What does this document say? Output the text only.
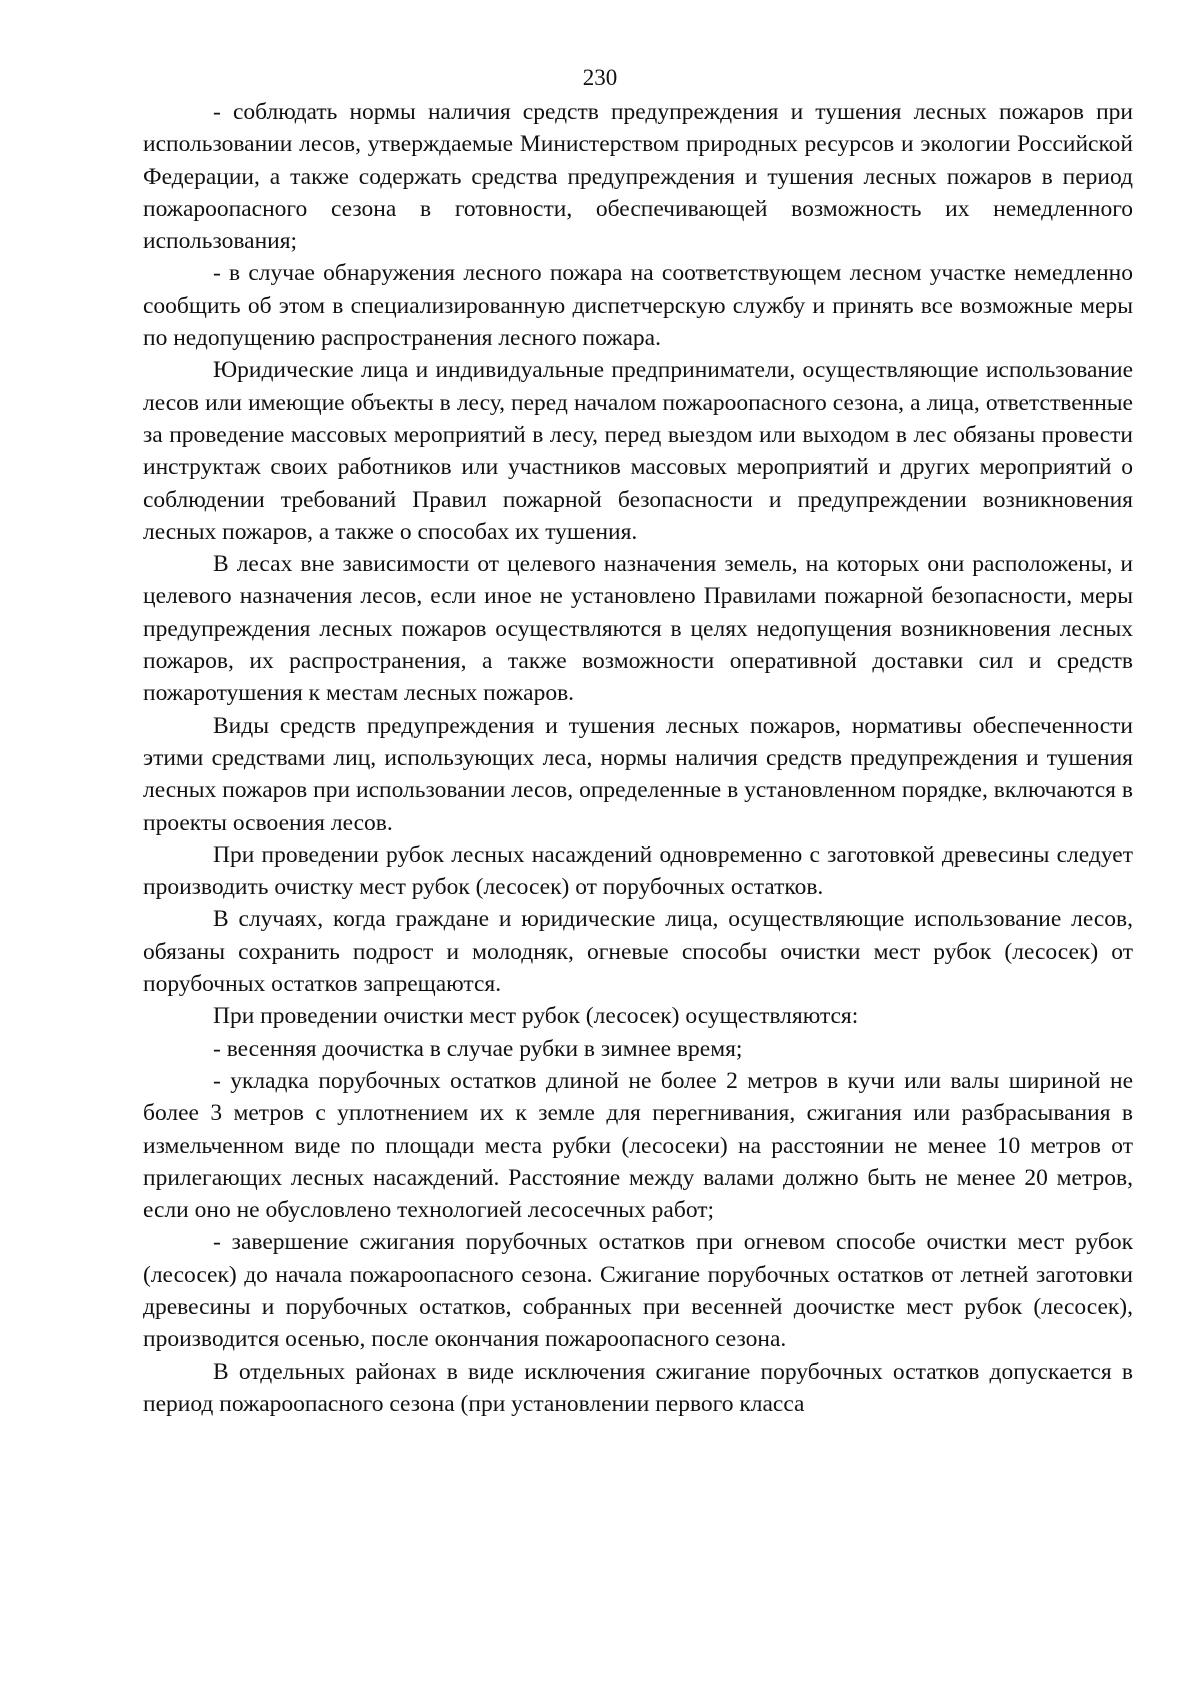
230

- соблюдать нормы наличия средств предупреждения и тушения лесных пожаров при использовании лесов, утверждаемые Министерством природных ресурсов и экологии Российской Федерации, а также содержать средства предупреждения и тушения лесных пожаров в период пожароопасного сезона в готовности, обеспечивающей возможность их немедленного использования;

- в случае обнаружения лесного пожара на соответствующем лесном участке немедленно сообщить об этом в специализированную диспетчерскую службу и принять все возможные меры по недопущению распространения лесного пожара.

Юридические лица и индивидуальные предприниматели, осуществляющие использование лесов или имеющие объекты в лесу, перед началом пожароопасного сезона, а лица, ответственные за проведение массовых мероприятий в лесу, перед выездом или выходом в лес обязаны провести инструктаж своих работников или участников массовых мероприятий и других мероприятий о соблюдении требований Правил пожарной безопасности и предупреждении возникновения лесных пожаров, а также о способах их тушения.

В лесах вне зависимости от целевого назначения земель, на которых они расположены, и целевого назначения лесов, если иное не установлено Правилами пожарной безопасности, меры предупреждения лесных пожаров осуществляются в целях недопущения возникновения лесных пожаров, их распространения, а также возможности оперативной доставки сил и средств пожаротушения к местам лесных пожаров.

Виды средств предупреждения и тушения лесных пожаров, нормативы обеспеченности этими средствами лиц, использующих леса, нормы наличия средств предупреждения и тушения лесных пожаров при использовании лесов, определенные в установленном порядке, включаются в проекты освоения лесов.

При проведении рубок лесных насаждений одновременно с заготовкой древесины следует производить очистку мест рубок (лесосек) от порубочных остатков.

В случаях, когда граждане и юридические лица, осуществляющие использование лесов, обязаны сохранить подрост и молодняк, огневые способы очистки мест рубок (лесосек) от порубочных остатков запрещаются.

При проведении очистки мест рубок (лесосек) осуществляются:

- весенняя доочистка в случае рубки в зимнее время;

- укладка порубочных остатков длиной не более 2 метров в кучи или валы шириной не более 3 метров с уплотнением их к земле для перегнивания, сжигания или разбрасывания в измельченном виде по площади места рубки (лесосеки) на расстоянии не менее 10 метров от прилегающих лесных насаждений. Расстояние между валами должно быть не менее 20 метров, если оно не обусловлено технологией лесосечных работ;

- завершение сжигания порубочных остатков при огневом способе очистки мест рубок (лесосек) до начала пожароопасного сезона. Сжигание порубочных остатков от летней заготовки древесины и порубочных остатков, собранных при весенней доочистке мест рубок (лесосек), производится осенью, после окончания пожароопасного сезона.

В отдельных районах в виде исключения сжигание порубочных остатков допускается в период пожароопасного сезона (при установлении первого класса
